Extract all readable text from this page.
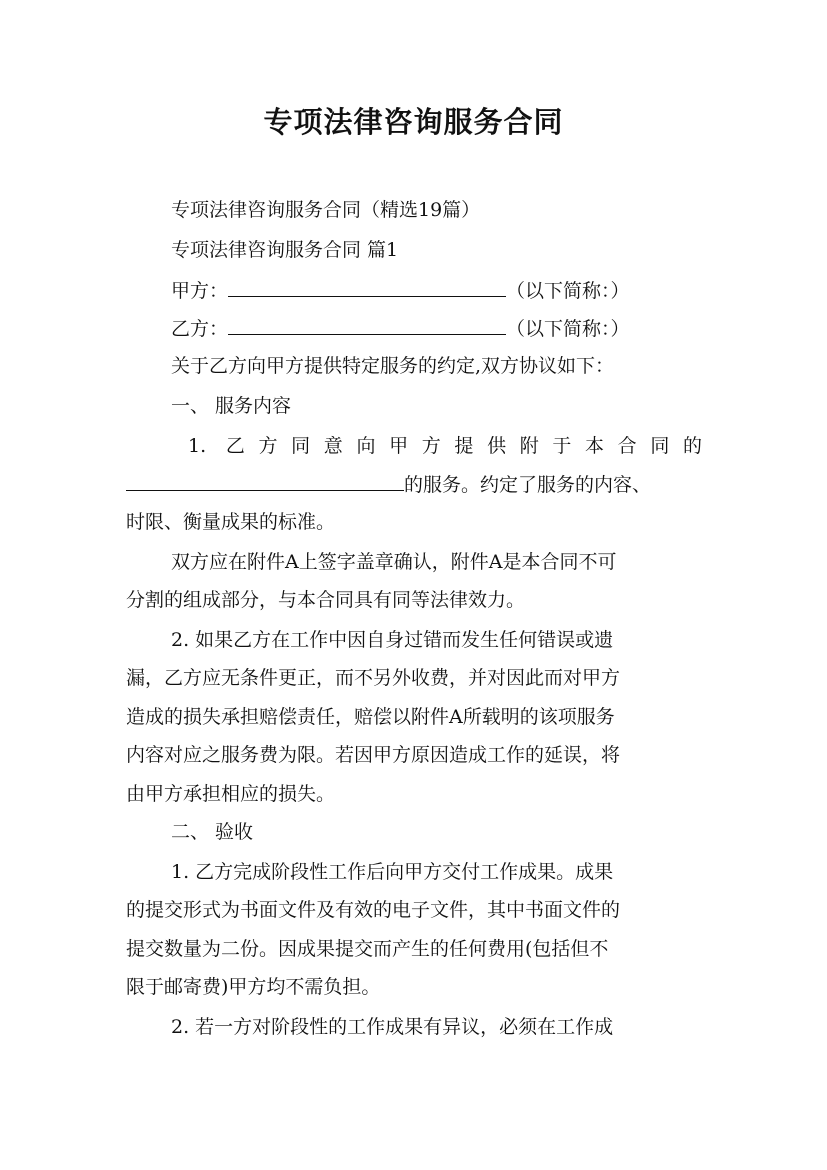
专项法律咨询服务合同
专项法律咨询服务合同（精选19篇）
专项法律咨询服务合同 篇1
甲方：	（以下简称：）
乙方：	（以下简称：）
关于乙方向甲方提供特定服务的约定,双方协议如下：
一、 服务内容
1. 乙方同意向甲方提供附于本合同的
的服务。约定了服务的内容、
时限、衡量成果的标准。
双方应在附件A上签字盖章确认，附件A是本合同不可
分割的组成部分，与本合同具有同等法律效力。
2. 如果乙方在工作中因自身过错而发生任何错误或遗
漏，乙方应无条件更正，而不另外收费，并对因此而对甲方
造成的损失承担赔偿责任，赔偿以附件A所载明的该项服务
内容对应之服务费为限。若因甲方原因造成工作的延误，将
由甲方承担相应的损失。
二、 验收
1. 乙方完成阶段性工作后向甲方交付工作成果。成果
的提交形式为书面文件及有效的电子文件，其中书面文件的
提交数量为二份。因成果提交而产生的任何费用(包括但不
限于邮寄费)甲方均不需负担。
2. 若一方对阶段性的工作成果有异议，必须在工作成
